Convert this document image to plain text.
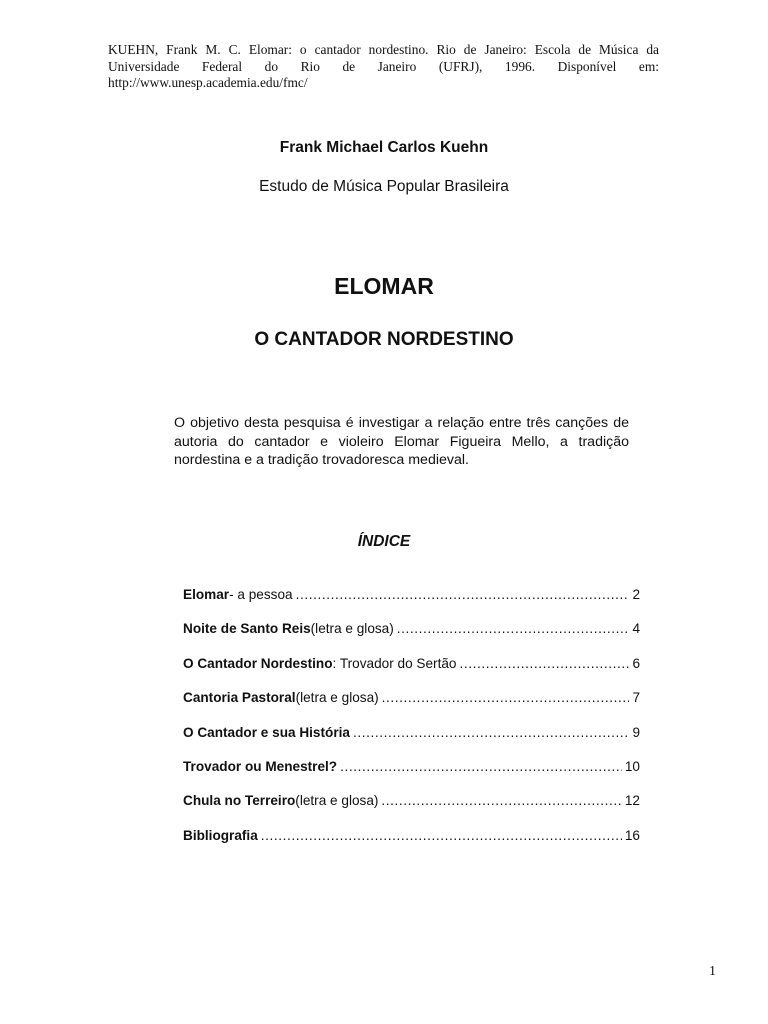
KUEHN, Frank M. C. Elomar: o cantador nordestino. Rio de Janeiro: Escola de Música da Universidade Federal do Rio de Janeiro (UFRJ), 1996. Disponível em: http://www.unesp.academia.edu/fmc/
Frank Michael Carlos Kuehn
Estudo de Música Popular Brasileira
ELOMAR
O CANTADOR NORDESTINO
O objetivo desta pesquisa é investigar a relação entre três canções de autoria do cantador e violeiro Elomar Figueira Mello, a tradição nordestina e a tradição trovadoresca medieval.
ÍNDICE
Elomar - a pessoa .....	2
Noite de Santo Reis (letra e glosa) .....	4
O Cantador Nordestino : Trovador do Sertão .....	6
Cantoria Pastoral (letra e glosa) .....	7
O Cantador e sua História .....	9
Trovador ou Menestrel? .....	10
Chula no Terreiro (letra e glosa) .....	12
Bibliografia .....	16
1
